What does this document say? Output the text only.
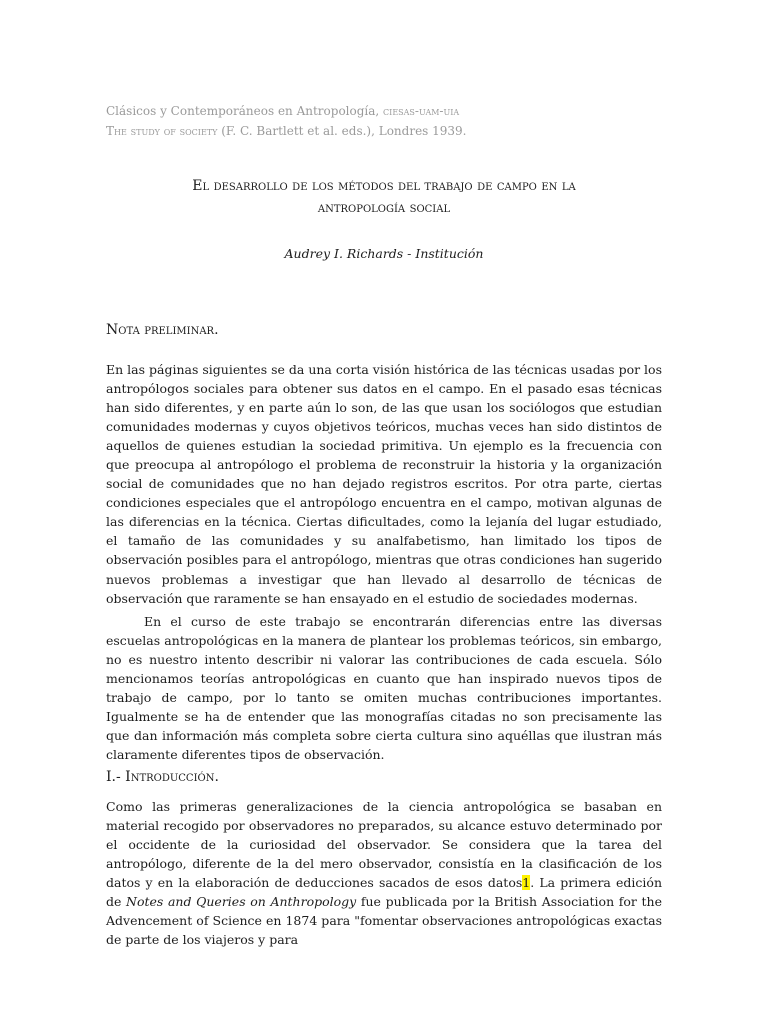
Clásicos y Contemporáneos en Antropología, ciesas-uam-uia
The study of society (F. C. Bartlett et al. eds.), Londres 1939.
El desarrollo de los métodos del trabajo de campo en la
antropología social
Audrey I. Richards - Institución
Nota preliminar.

En las páginas siguientes se da una corta visión histórica de las técnicas usadas por los antropólogos sociales para obtener sus datos en el campo. En el pasado esas técnicas han sido diferentes, y en parte aún lo son, de las que usan los sociólogos que estudian comunidades modernas y cuyos objetivos teóricos, muchas veces han sido distintos de aquellos de quienes estudian la sociedad primitiva. Un ejemplo es la frecuencia con que preocupa al antropólogo el problema de reconstruir la historia y la organización social de comunidades que no han dejado registros escritos. Por otra parte, ciertas condiciones especiales que el antropólogo encuentra en el campo, motivan algunas de las diferencias en la técnica. Ciertas dificultades, como la lejanía del lugar estudiado, el tamaño de las comunidades y su analfabetismo, han limitado los tipos de observación posibles para el antropólogo, mientras que otras condiciones han sugerido nuevos problemas a investigar que han llevado al desarrollo de técnicas de observación que raramente se han ensayado en el estudio de sociedades modernas.

En el curso de este trabajo se encontrarán diferencias entre las diversas escuelas antropológicas en la manera de plantear los problemas teóricos, sin embargo, no es nuestro intento describir ni valorar las contribuciones de cada escuela. Sólo mencionamos teorías antropológicas en cuanto que han inspirado nuevos tipos de trabajo de campo, por lo tanto se omiten muchas contribuciones importantes. Igualmente se ha de entender que las monografías citadas no son precisamente las que dan información más completa sobre cierta cultura sino aquéllas que ilustran más claramente diferentes tipos de observación.

I.- Introducción.

Como las primeras generalizaciones de la ciencia antropológica se basaban en material recogido por observadores no preparados, su alcance estuvo determinado por el occidente de la curiosidad del observador. Se considera que la tarea del antropólogo, diferente de la del mero observador, consistía en la clasificación de los datos y en la elaboración de deducciones sacados de esos datos1. La primera edición de Notes and Queries on Anthropology fue publicada por la British Association for the Advencement of Science en 1874 para "fomentar observaciones antropológicas exactas de parte de los viajeros y para
